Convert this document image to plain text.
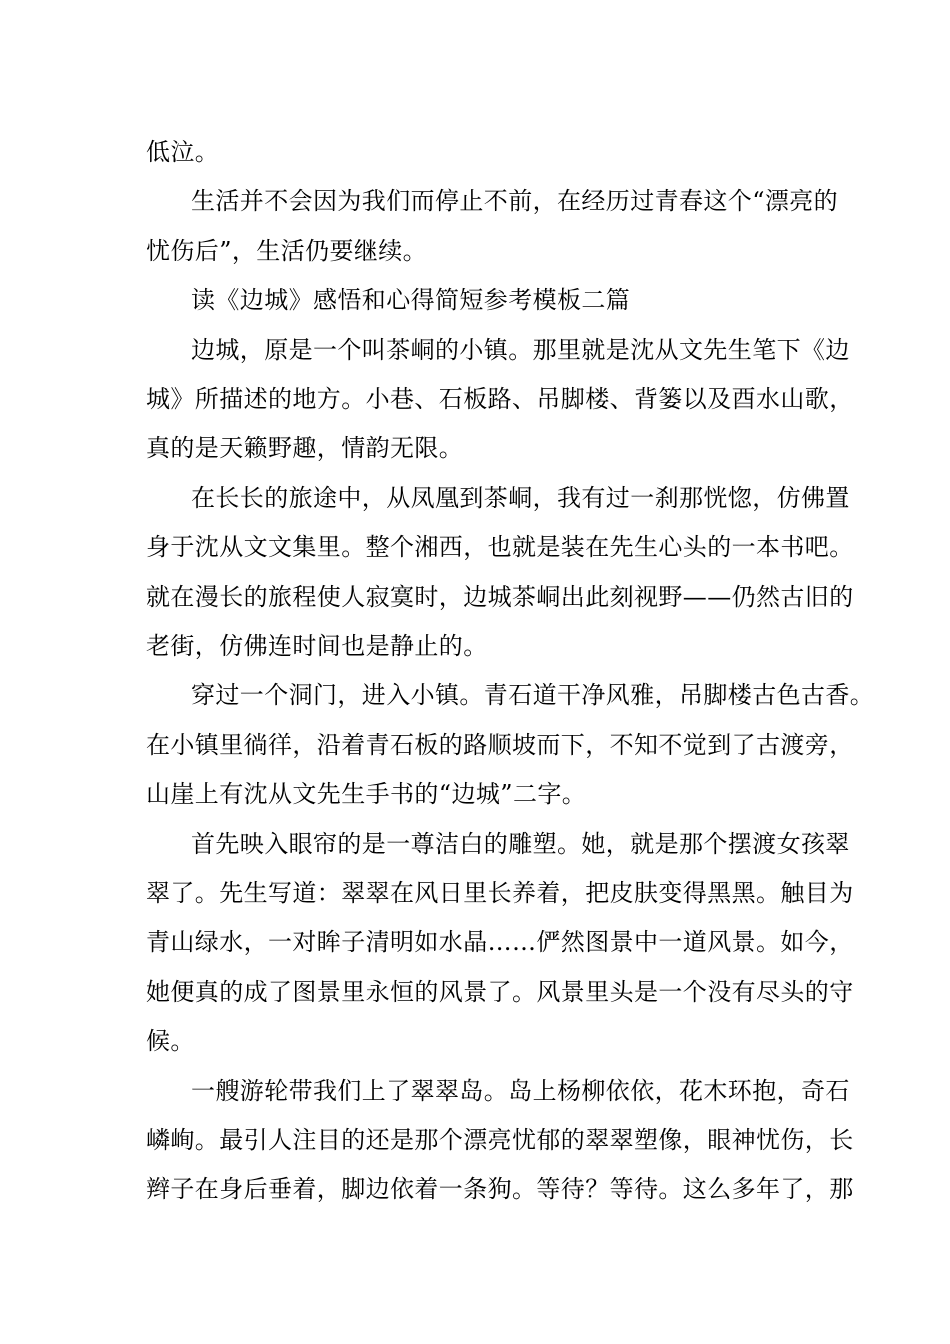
低泣。
生活并不会因为我们而停止不前，在经历过青春这个“漂亮的
忧伤后”，生活仍要继续。
读《边城》感悟和心得简短参考模板二篇
边城，原是一个叫茶峒的小镇。那里就是沈从文先生笔下《边
城》所描述的地方。小巷、石板路、吊脚楼、背篓以及酉水山歌，
真的是天籁野趣，情韵无限。
在长长的旅途中，从凤凰到茶峒，我有过一刹那恍惚，仿佛置
身于沈从文文集里。整个湘西，也就是装在先生心头的一本书吧。
就在漫长的旅程使人寂寞时，边城茶峒出此刻视野——仍然古旧的
老街，仿佛连时间也是静止的。
穿过一个洞门，进入小镇。青石道干净风雅，吊脚楼古色古香。
在小镇里徜徉，沿着青石板的路顺坡而下，不知不觉到了古渡旁，
山崖上有沈从文先生手书的“边城”二字。
首先映入眼帘的是一尊洁白的雕塑。她，就是那个摆渡女孩翠
翠了。先生写道：翠翠在风日里长养着，把皮肤变得黑黑。触目为
青山绿水，一对眸子清明如水晶……俨然图景中一道风景。如今，
她便真的成了图景里永恒的风景了。风景里头是一个没有尽头的守
候。
一艘游轮带我们上了翠翠岛。岛上杨柳依依，花木环抱，奇石
嶙峋。最引人注目的还是那个漂亮忧郁的翠翠塑像，眼神忧伤，长
辫子在身后垂着，脚边依着一条狗。等待？等待。这么多年了，那
